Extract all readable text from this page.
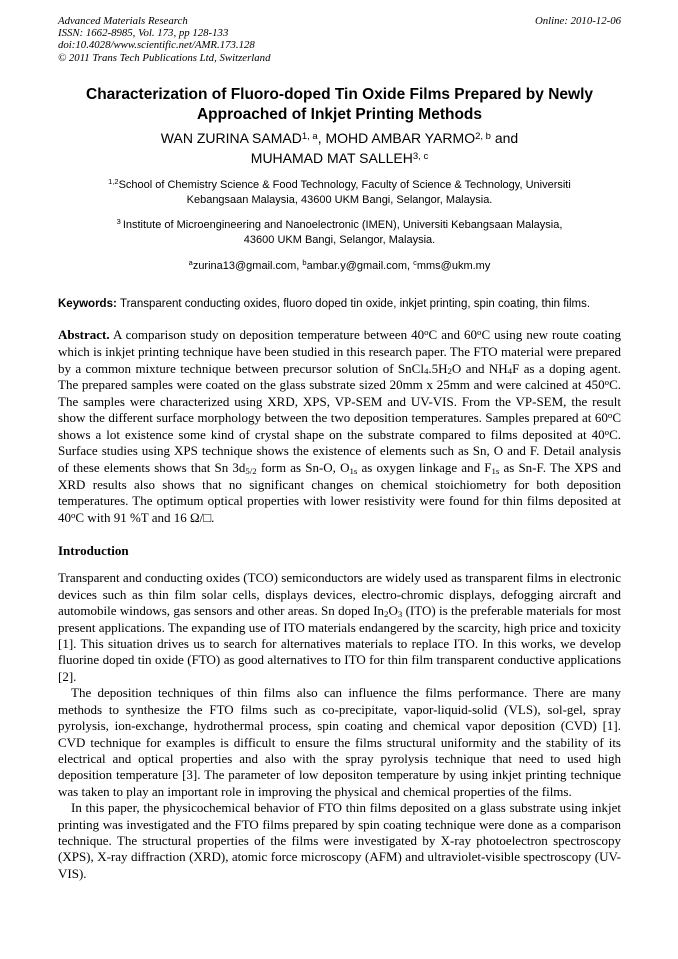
Advanced Materials Research
ISSN: 1662-8985, Vol. 173, pp 128-133
doi:10.4028/www.scientific.net/AMR.173.128
© 2011 Trans Tech Publications Ltd, Switzerland
Online: 2010-12-06
Characterization of Fluoro-doped Tin Oxide Films Prepared by Newly
Approached of Inkjet Printing Methods
WAN ZURINA SAMAD$^{1, a}$, MOHD AMBAR YARMO$^{2, b}$ and
MUHAMAD MAT SALLEH$^{3, c}$

$^{1,2}$School of Chemistry Science & Food Technology, Faculty of Science & Technology, Universiti Kebangsaan Malaysia, 43600 UKM Bangi, Selangor, Malaysia.

$^3$ Institute of Microengineering and Nanoelectronic (IMEN), Universiti Kebangsaan Malaysia, 43600 UKM Bangi, Selangor, Malaysia.

$^a$zurina13@gmail.com, $^b$ambar.y@gmail.com, $^c$mms@ukm.my

Keywords: Transparent conducting oxides, fluoro doped tin oxide, inkjet printing, spin coating, thin films.

Abstract. A comparison study on deposition temperature between 40$^o$C and 60$^o$C using new route coating which is inkjet printing technique have been studied in this research paper. The FTO material were prepared by a common mixture technique between precursor solution of $SnCl_4.5H_2O$ and $NH_4F$ as a doping agent. The prepared samples were coated on the glass substrate sized 20mm x 25mm and were calcined at 450$^o$C. The samples were characterized using XRD, XPS, VP-SEM and UV-VIS. From the VP-SEM, the result show the different surface morphology between the two deposition temperatures. Samples prepared at 60$^o$C shows a lot existence some kind of crystal shape on the substrate compared to films deposited at 40$^o$C. Surface studies using XPS technique shows the existence of elements such as Sn, O and F. Detail analysis of these elements shows that Sn $3d_{5/2}$ form as Sn-O, $O_{1s}$ as oxygen linkage and $F_{1s}$ as Sn-F. The XPS and XRD results also shows that no significant changes on chemical stoichiometry for both deposition temperatures. The optimum optical properties with lower resistivity were found for thin films deposited at 40$^o$C with 91 %T and 16 Ω/□.

Introduction

Transparent and conducting oxides (TCO) semiconductors are widely used as transparent films in electronic devices such as thin film solar cells, displays devices, electro-chromic displays, defogging aircraft and automobile windows, gas sensors and other areas. Sn doped $In_2O_3$ (ITO) is the preferable materials for most present applications. The expanding use of ITO materials endangered by the scarcity, high price and toxicity [1]. This situation drives us to search for alternatives materials to replace ITO. In this works, we develop fluorine doped tin oxide (FTO) as good alternatives to ITO for thin film transparent conductive applications [2].

The deposition techniques of thin films also can influence the films performance. There are many methods to synthesize the FTO films such as co-precipitate, vapor-liquid-solid (VLS), sol-gel, spray pyrolysis, ion-exchange, hydrothermal process, spin coating and chemical vapor deposition (CVD) [1]. CVD technique for examples is difficult to ensure the films structural uniformity and the stability of its electrical and optical properties and also with the spray pyrolysis technique that need to used high deposition temperature [3]. The parameter of low depositon temperature by using inkjet printing technique was taken to play an important role in improving the physical and chemical properties of the films.

In this paper, the physicochemical behavior of FTO thin films deposited on a glass substrate using inkjet printing was investigated and the FTO films prepared by spin coating technique were done as a comparison technique. The structural properties of the films were investigated by X-ray photoelectron spectroscopy (XPS), X-ray diffraction (XRD), atomic force microscopy (AFM) and ultraviolet-visible spectroscopy (UV-VIS).
